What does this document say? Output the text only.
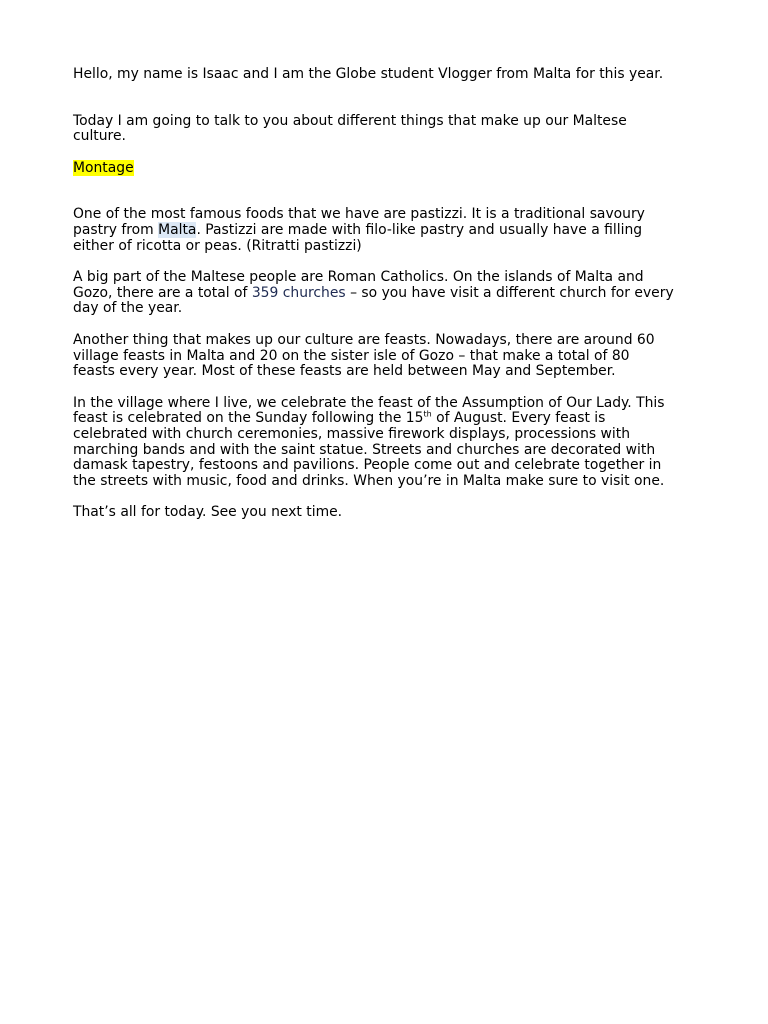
Hello, my name is Isaac and I am the Globe student Vlogger from Malta for this year.

Today I am going to talk to you about different things that make up our Maltese
culture.

Montage

One of the most famous foods that we have are pastizzi. It is a traditional savoury
pastry from Malta. Pastizzi are made with filo-like pastry and usually have a filling
either of ricotta or peas. (Ritratti pastizzi)

A big part of the Maltese people are Roman Catholics. On the islands of Malta and
Gozo, there are a total of 359 churches – so you have visit a different church for every
day of the year.

Another thing that makes up our culture are feasts. Nowadays, there are around 60
village feasts in Malta and 20 on the sister isle of Gozo – that make a total of 80
feasts every year. Most of these feasts are held between May and September.

In the village where I live, we celebrate the feast of the Assumption of Our Lady. This
feast is celebrated on the Sunday following the 15th of August. Every feast is
celebrated with church ceremonies, massive firework displays, processions with
marching bands and with the saint statue. Streets and churches are decorated with
damask tapestry, festoons and pavilions. People come out and celebrate together in
the streets with music, food and drinks. When you’re in Malta make sure to visit one.

That’s all for today. See you next time.
